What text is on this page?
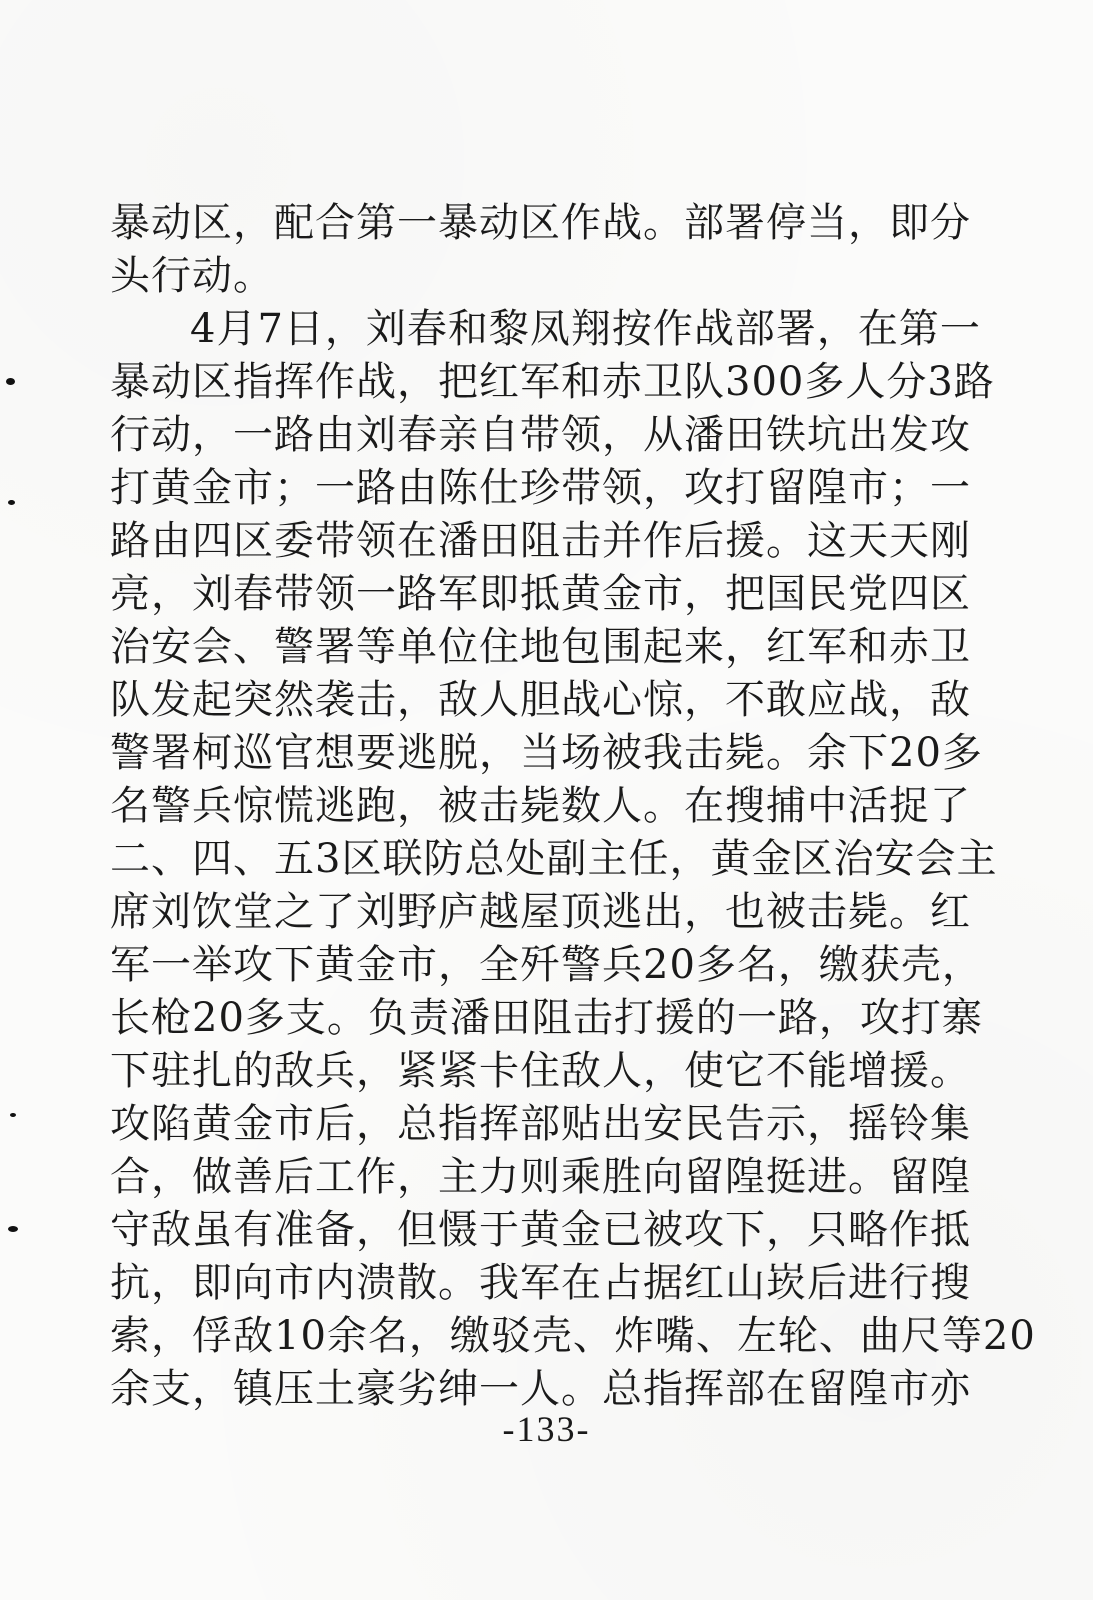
暴动区，配合第一暴动区作战。部署停当，即分
头行动。
4月7日，刘春和黎凤翔按作战部署，在第一
暴动区指挥作战，把红军和赤卫队300多人分3路
行动，一路由刘春亲自带领，从潘田铁坑出发攻
打黄金市；一路由陈仕珍带领，攻打留隍市；一
路由四区委带领在潘田阻击并作后援。这天天刚
亮，刘春带领一路军即抵黄金市，把国民党四区
治安会、警署等单位住地包围起来，红军和赤卫
队发起突然袭击，敌人胆战心惊，不敢应战，敌
警署柯巡官想要逃脱，当场被我击毙。余下20多
名警兵惊慌逃跑，被击毙数人。在搜捕中活捉了
二、四、五3区联防总处副主任，黄金区治安会主
席刘饮堂之了刘野庐越屋顶逃出，也被击毙。红
军一举攻下黄金市，全歼警兵20多名，缴获壳，
长枪20多支。负责潘田阻击打援的一路，攻打寨
下驻扎的敌兵，紧紧卡住敌人，使它不能增援。
攻陷黄金市后，总指挥部贴出安民告示，摇铃集
合，做善后工作，主力则乘胜向留隍挺进。留隍
守敌虽有准备，但慑于黄金已被攻下，只略作抵
抗，即向市内溃散。我军在占据红山崁后进行搜
索，俘敌10余名，缴驳壳、炸嘴、左轮、曲尺等20
余支，镇压土豪劣绅一人。总指挥部在留隍市亦
-133-
